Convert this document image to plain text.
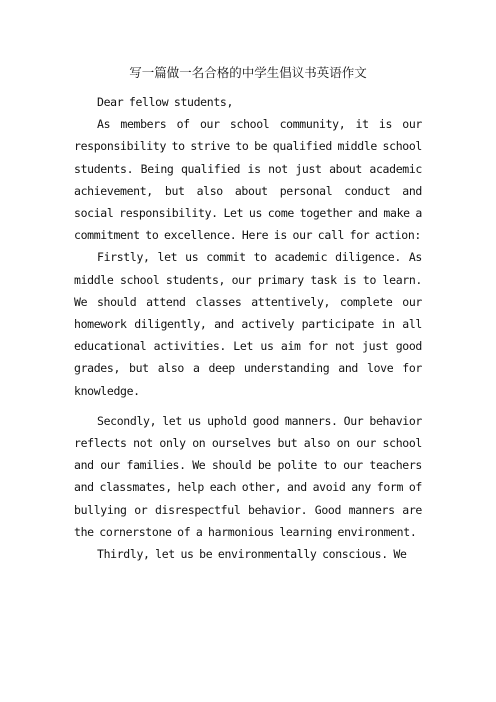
写一篇做一名合格的中学生倡议书英语作文

Dear fellow students,

As members of our school community, it is our responsibility to strive to be qualified middle school students. Being qualified is not just about academic achievement, but also about personal conduct and social responsibility. Let us come together and make a commitment to excellence. Here is our call for action:

Firstly, let us commit to academic diligence. As middle school students, our primary task is to learn. We should attend classes attentively, complete our homework diligently, and actively participate in all educational activities. Let us aim for not just good grades, but also a deep understanding and love for knowledge.

Secondly, let us uphold good manners. Our behavior reflects not only on ourselves but also on our school and our families. We should be polite to our teachers and classmates, help each other, and avoid any form of bullying or disrespectful behavior. Good manners are the cornerstone of a harmonious learning environment.

Thirdly, let us be environmentally conscious. We
